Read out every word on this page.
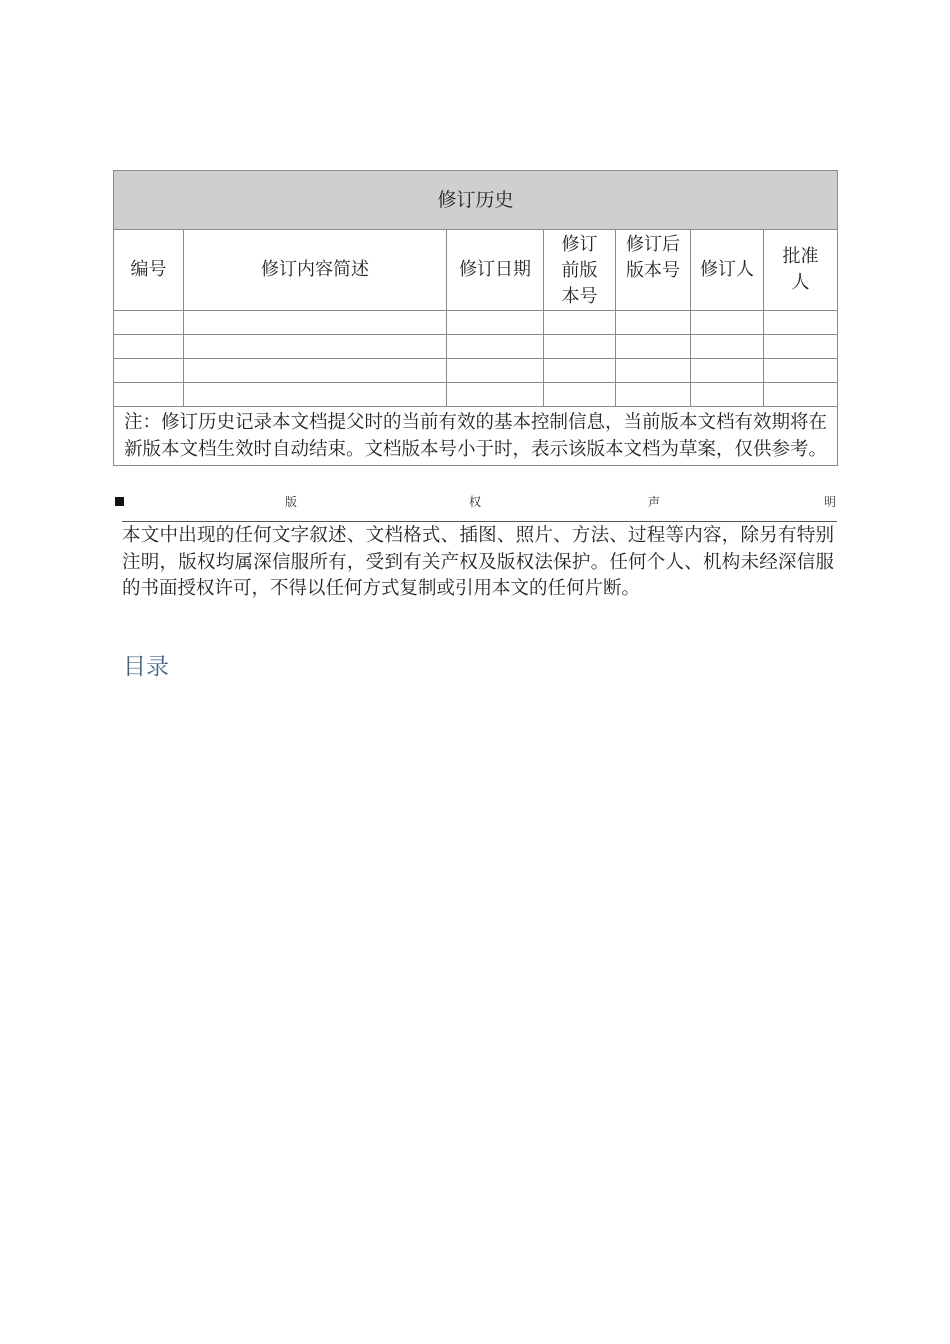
修订历史						
编号	修订内容简述	修订日期	修订前版本号	修订后版本号	修订人	批准人

注：修订历史记录本文档提父时的当前有效的基本控制信息，当前版本文档有效期将在新版本文档生效时自动结束。文档版本号小于时，表示该版本文档为草案，仅供参考。						
版	权	声	明
本文中出现的任何文字叙述、文档格式、插图、照片、方法、过程等内容，除另有特别注明，版权均属深信服所有，受到有关产权及版权法保护。任何个人、机构未经深信服的书面授权许可，不得以任何方式复制或引用本文的任何片断。
目录
